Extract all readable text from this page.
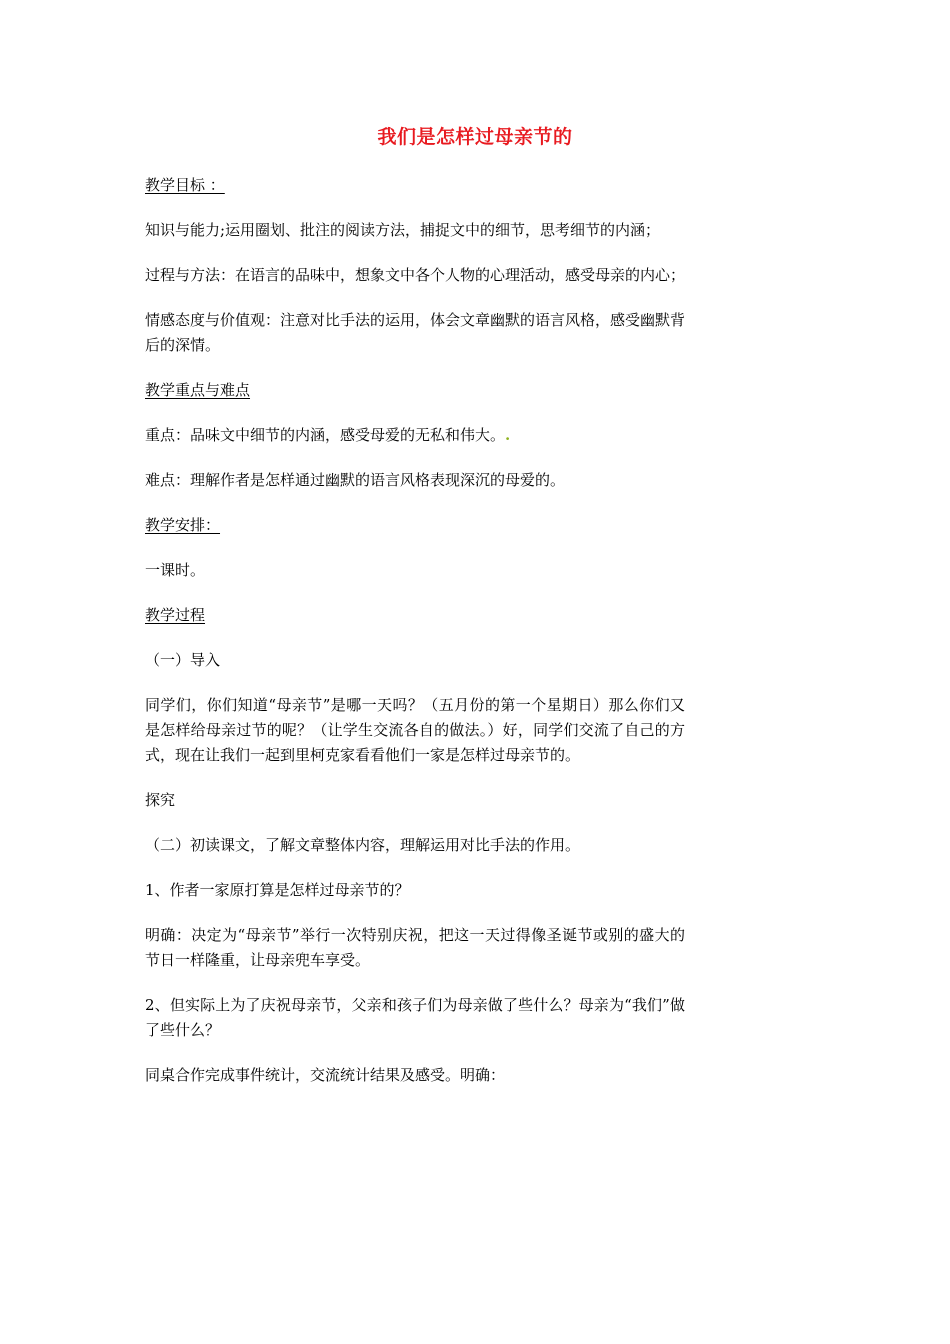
我们是怎样过母亲节的
教学目标 ：
知识与能力;运用圈划、批注的阅读方法，捕捉文中的细节，思考细节的内涵；
过程与方法：在语言的品味中，想象文中各个人物的心理活动，感受母亲的内心；
情感态度与价值观：注意对比手法的运用，体会文章幽默的语言风格，感受幽默背后的深情。
教学重点与难点
重点：品味文中细节的内涵，感受母爱的无私和伟大。.
难点：理解作者是怎样通过幽默的语言风格表现深沉的母爱的。
教学安排：
一课时。
教学过程
（一）导入
同学们，你们知道“母亲节”是哪一天吗？（五月份的第一个星期日）那么你们又是怎样给母亲过节的呢？（让学生交流各自的做法。）好，同学们交流了自己的方式，现在让我们一起到里柯克家看看他们一家是怎样过母亲节的。
探究
（二）初读课文，了解文章整体内容，理解运用对比手法的作用。
1、作者一家原打算是怎样过母亲节的？
明确：决定为“母亲节”举行一次特别庆祝，把这一天过得像圣诞节或别的盛大的节日一样隆重，让母亲兜车享受。
2、但实际上为了庆祝母亲节，父亲和孩子们为母亲做了些什么？母亲为“我们”做了些什么？
同桌合作完成事件统计，交流统计结果及感受。明确：
